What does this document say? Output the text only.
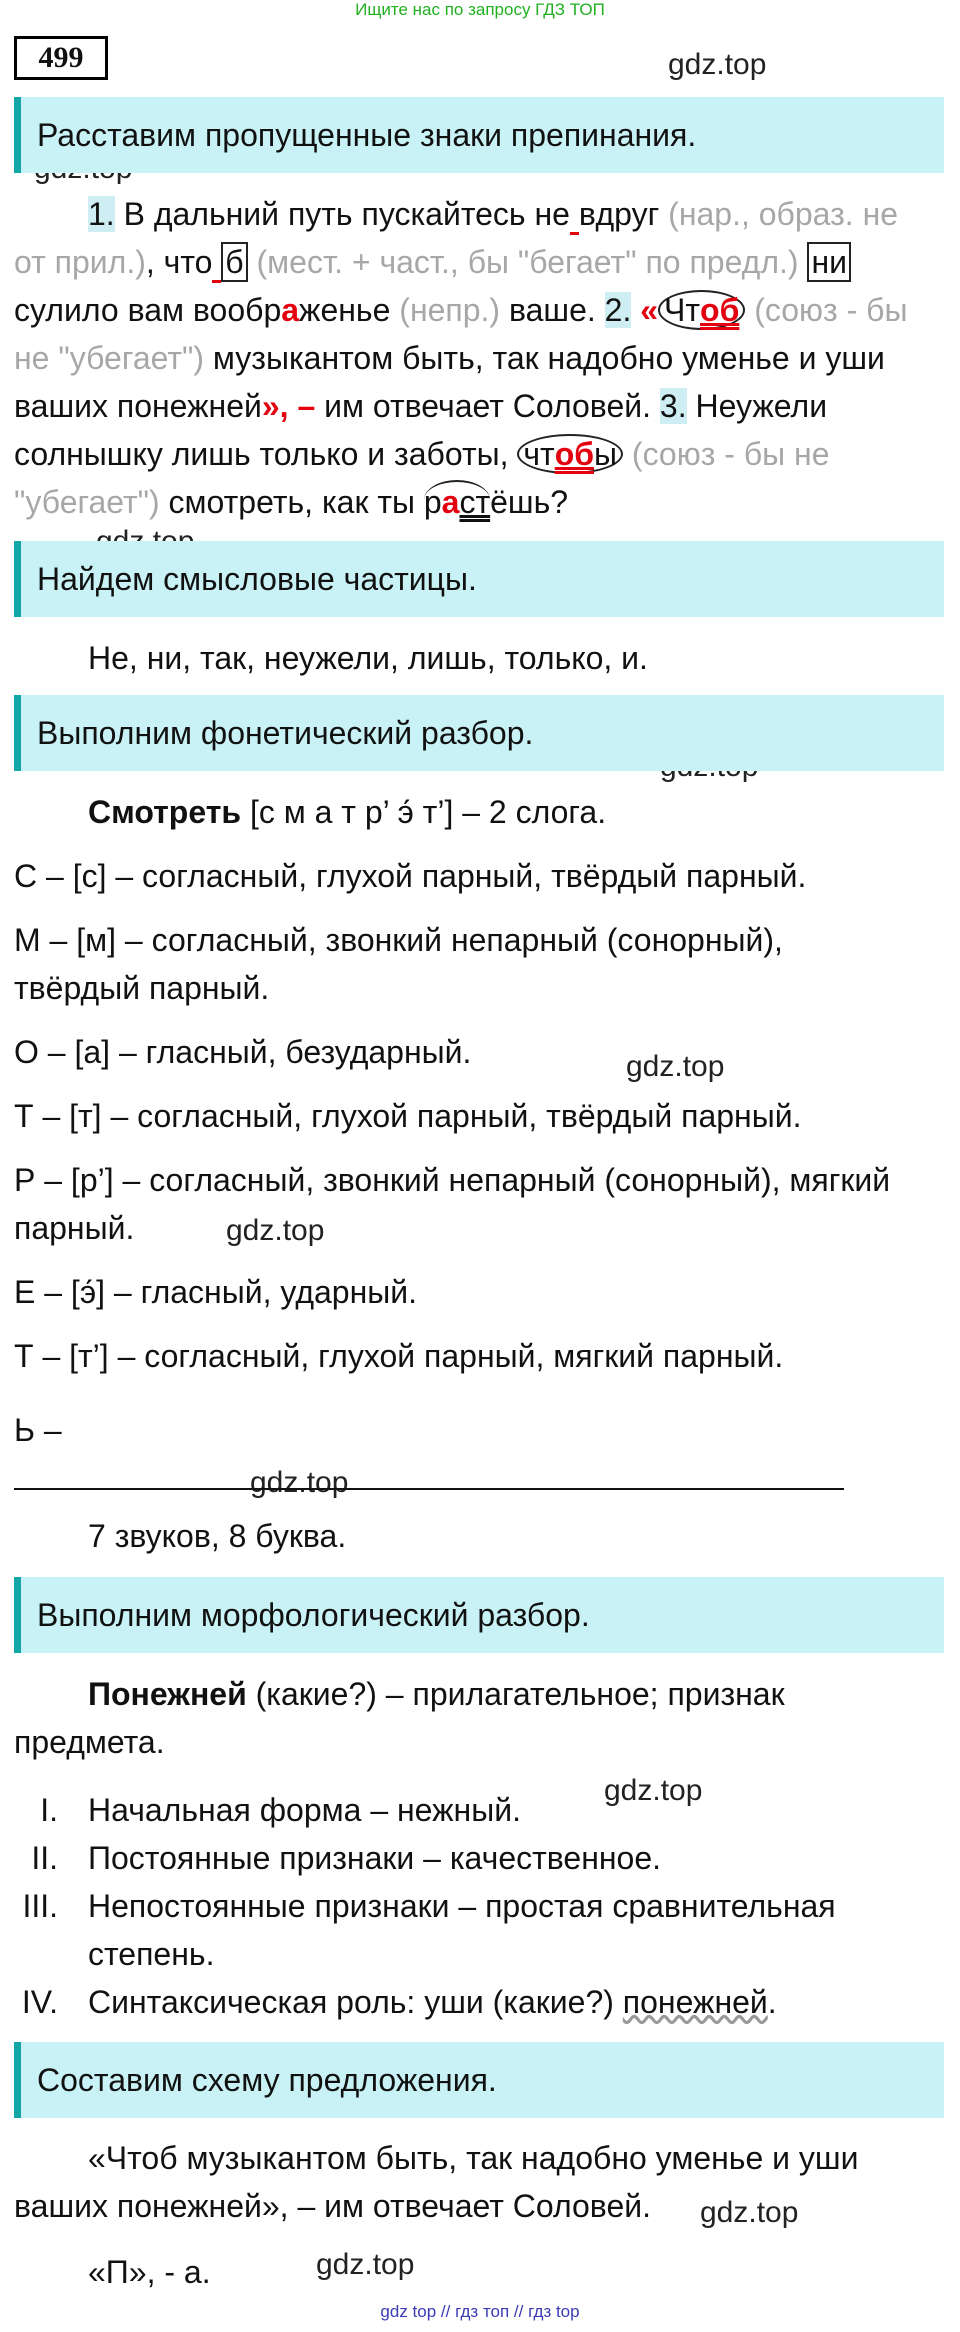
Ищите нас по запросу ГДЗ ТОП
499	gdz.top
gdz.top
gdz.top
gdz.top
gdz.top
gdz.top
gdz.top
Расставим пропущенные знаки препинания.
1. В дальний путь пускайтесь не вдруг (нар., образ. не
от прил.), что б (мест. + част., бы "бегает" по предл.) ни
сулило вам воображенье (непр.) ваше. 2. « Чтоб (союз - бы
не "убегает") музыкантом быть, так надобно уменье и уши
ваших понежней», – им отвечает Соловей. 3. Неужели
солнышку лишь только и заботы, чтобы (союз - бы не
"убегает") смотреть, как ты растёшь?
Найдем смысловые частицы.
Не, ни, так, неужели, лишь, только, и.
Выполним фонетический разбор.
Смотреть [с м а т р’ э́ т’] – 2 слога.
С – [с] – согласный, глухой парный, твёрдый парный.
М – [м] – согласный, звонкий непарный (сонорный),
твёрдый парный.
О – [а] – гласный, безударный.
Т – [т] – согласный, глухой парный, твёрдый парный.
Р – [р’] – согласный, звонкий непарный (сонорный), мягкий
парный.
Е – [э́] – гласный, ударный.
Т – [т’] – согласный, глухой парный, мягкий парный.
Ь –
7 звуков, 8 буква.
Выполним морфологический разбор.
Понежней (какие?) – прилагательное; признак
предмета.
I. Начальная форма – нежный.
II. Постоянные признаки – качественное.
III. Непостоянные признаки – простая сравнительная
степень.
IV. Синтаксическая роль: уши (какие?) понежней.
Составим схему предложения.
«Чтоб музыкантом быть, так надобно уменье и уши
ваших понежней», – им отвечает Соловей.
«П», - а.
gdz top // гдз топ // гдз top
